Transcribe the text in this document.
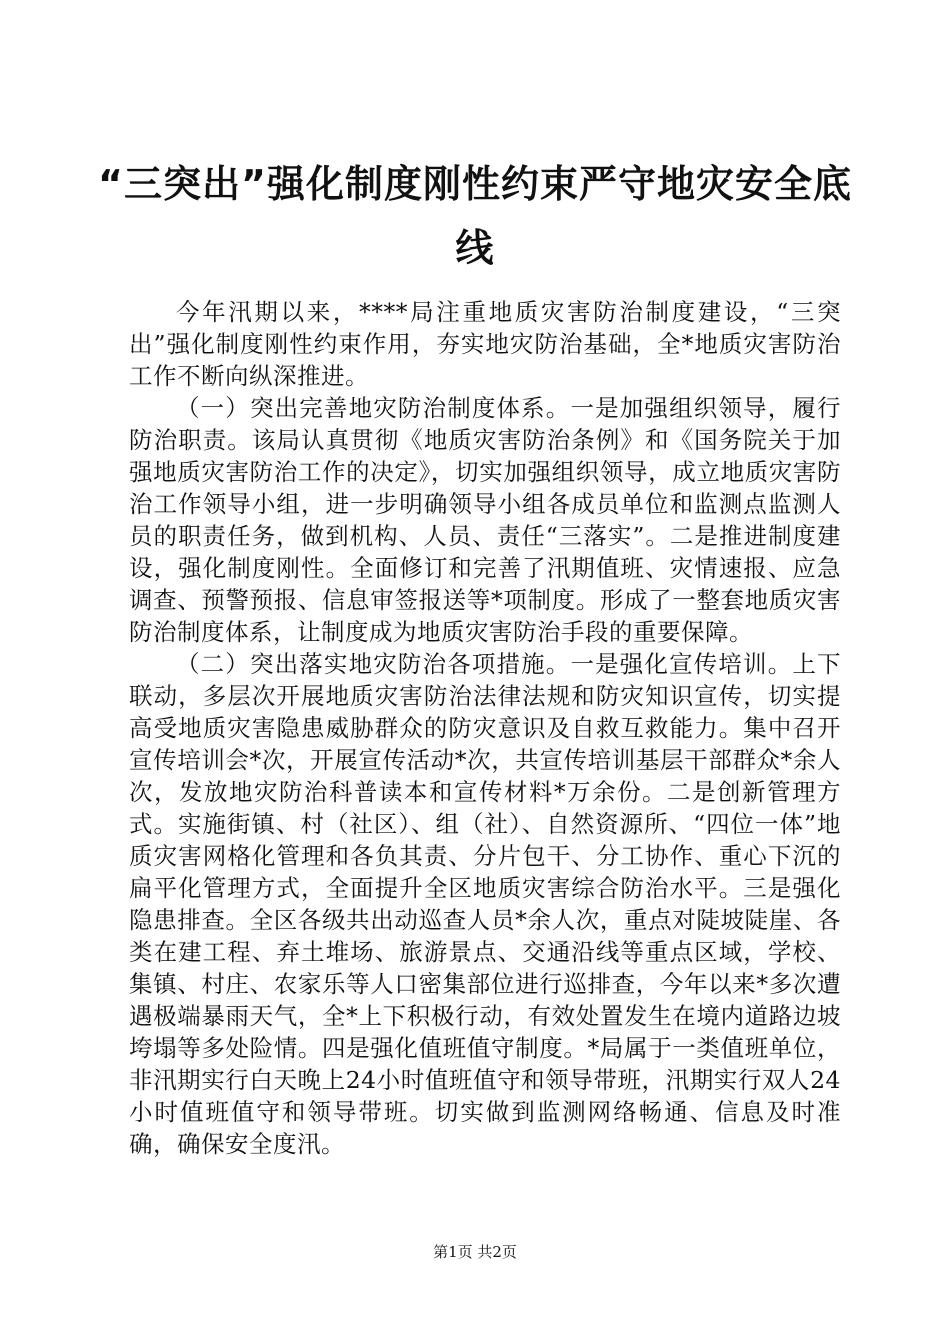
“三突出”强化制度刚性约束严守地灾安全底线

今年汛期以来，****局注重地质灾害防治制度建设，“三突出”强化制度刚性约束作用，夯实地灾防治基础，全*地质灾害防治工作不断向纵深推进。

（一）突出完善地灾防治制度体系。一是加强组织领导，履行防治职责。该局认真贯彻《地质灾害防治条例》和《国务院关于加强地质灾害防治工作的决定》，切实加强组织领导，成立地质灾害防治工作领导小组，进一步明确领导小组各成员单位和监测点监测人员的职责任务，做到机构、人员、责任“三落实”。二是推进制度建设，强化制度刚性。全面修订和完善了汛期值班、灾情速报、应急调查、预警预报、信息审签报送等*项制度。形成了一整套地质灾害防治制度体系，让制度成为地质灾害防治手段的重要保障。

（二）突出落实地灾防治各项措施。一是强化宣传培训。上下联动，多层次开展地质灾害防治法律法规和防灾知识宣传，切实提高受地质灾害隐患威胁群众的防灾意识及自救互救能力。集中召开宣传培训会*次，开展宣传活动*次，共宣传培训基层干部群众*余人次，发放地灾防治科普读本和宣传材料*万余份。二是创新管理方式。实施街镇、村（社区）、组（社）、自然资源所、“四位一体”地质灾害网格化管理和各负其责、分片包干、分工协作、重心下沉的扁平化管理方式，全面提升全区地质灾害综合防治水平。三是强化隐患排查。全区各级共出动巡查人员*余人次，重点对陡坡陡崖、各类在建工程、弃土堆场、旅游景点、交通沿线等重点区域，学校、集镇、村庄、农家乐等人口密集部位进行巡排查，今年以来*多次遭遇极端暴雨天气，全*上下积极行动，有效处置发生在境内道路边坡垮塌等多处险情。四是强化值班值守制度。*局属于一类值班单位，非汛期实行白天晚上24小时值班值守和领导带班，汛期实行双人24小时值班值守和领导带班。切实做到监测网络畅通、信息及时准确，确保安全度汛。

第1页 共2页
